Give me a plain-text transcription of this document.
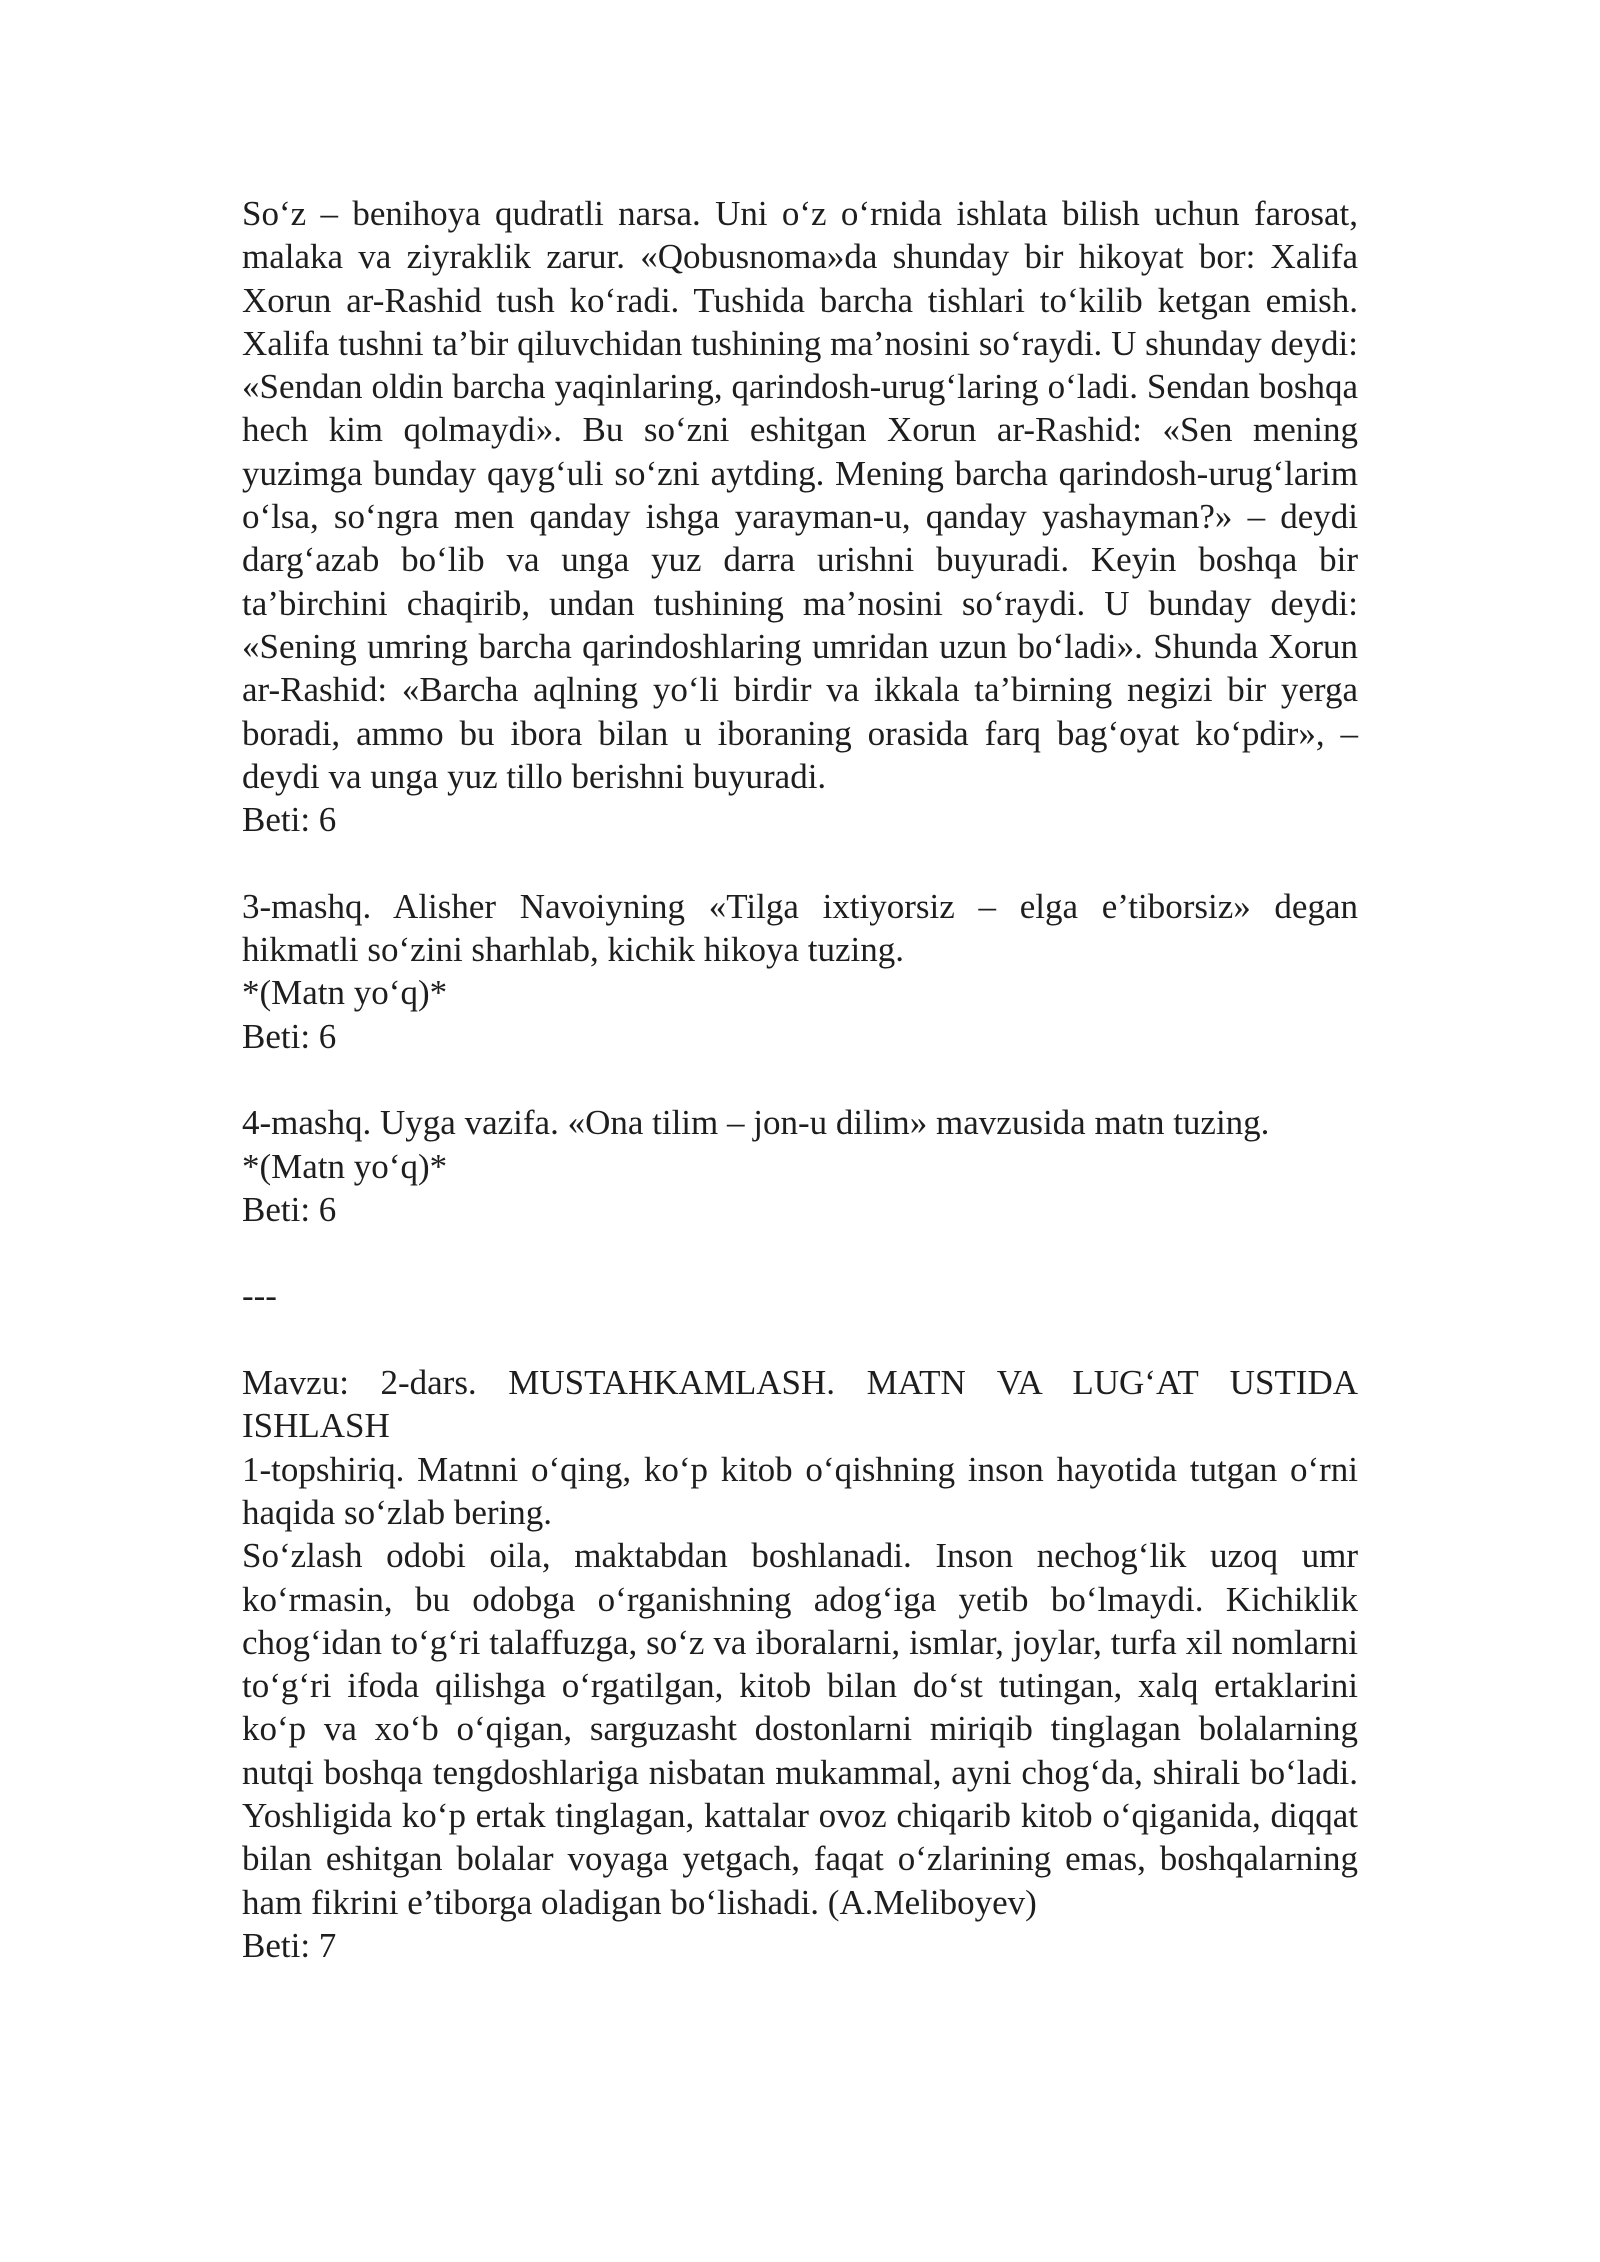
So‘z – benihoya qudratli narsa. Uni o‘z o‘rnida ishlata bilish uchun farosat, malaka va ziyraklik zarur. «Qobusnoma»da shunday bir hikoyat bor: Xalifa Xorun ar-Rashid tush ko‘radi. Tushida barcha tishlari to‘kilib ketgan emish. Xalifa tushni ta’bir qiluvchidan tushining ma’nosini so‘raydi. U shunday deydi: «Sendan oldin barcha yaqinlaring, qarindosh-urug‘laring o‘ladi. Sendan boshqa hech kim qolmaydi». Bu so‘zni eshitgan Xorun ar-Rashid: «Sen mening yuzimga bunday qayg‘uli so‘zni aytding. Mening barcha qarindosh-urug‘larim o‘lsa, so‘ngra men qanday ishga yarayman-u, qanday yashayman?» – deydi darg‘azab bo‘lib va unga yuz darra urishni buyuradi. Keyin boshqa bir ta’birchini chaqirib, undan tushining ma’nosini so‘raydi. U bunday deydi: «Sening umring barcha qarindoshlaring umridan uzun bo‘ladi». Shunda Xorun ar-Rashid: «Barcha aqlning yo‘li birdir va ikkala ta’birning negizi bir yerga boradi, ammo bu ibora bilan u iboraning orasida farq bag‘oyat ko‘pdir», – deydi va unga yuz tillo berishni buyuradi.

Beti: 6

3-mashq. Alisher Navoiyning «Tilga ixtiyorsiz – elga e’tiborsiz» degan hikmatli so‘zini sharhlab, kichik hikoya tuzing.

*(Matn yo‘q)*

Beti: 6

4-mashq. Uyga vazifa. «Ona tilim – jon-u dilim» mavzusida matn tuzing.

*(Matn yo‘q)*

Beti: 6

---

Mavzu: 2-dars. MUSTAHKAMLASH. MATN VA LUG‘AT USTIDA ISHLASH

1-topshiriq. Matnni o‘qing, ko‘p kitob o‘qishning inson hayotida tutgan o‘rni haqida so‘zlab bering.

So‘zlash odobi oila, maktabdan boshlanadi. Inson nechog‘lik uzoq umr ko‘rmasin, bu odobga o‘rganishning adog‘iga yetib bo‘lmaydi. Kichiklik chog‘idan to‘g‘ri talaffuzga, so‘z va iboralarni, ismlar, joylar, turfa xil nomlarni to‘g‘ri ifoda qilishga o‘rgatilgan, kitob bilan do‘st tutingan, xalq ertaklarini ko‘p va xo‘b o‘qigan, sarguzasht dostonlarni miriqib tinglagan bolalarning nutqi boshqa tengdoshlariga nisbatan mukammal, ayni chog‘da, shirali bo‘ladi. Yoshligida ko‘p ertak tinglagan, kattalar ovoz chiqarib kitob o‘qiganida, diqqat bilan eshitgan bolalar voyaga yetgach, faqat o‘zlarining emas, boshqalarning ham fikrini e’tiborga oladigan bo‘lishadi. (A.Meliboyev)

Beti: 7
